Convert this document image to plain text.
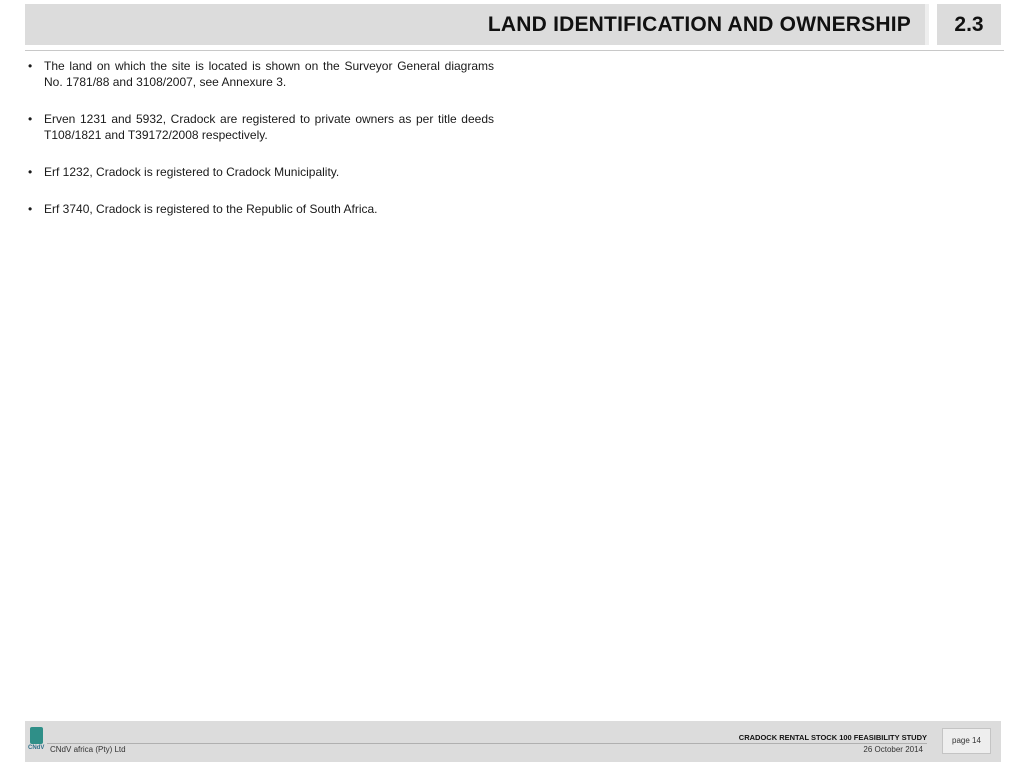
LAND IDENTIFICATION AND OWNERSHIP	2.3
• The land on which the site is located is shown on the Surveyor General diagrams No. 1781/88 and 3108/2007, see Annexure 3.
• Erven 1231 and 5932, Cradock are registered to private owners as per title deeds T108/1821 and T39172/2008 respectively.
• Erf 1232, Cradock is registered to Cradock Municipality.
• Erf 3740, Cradock is registered to the Republic of South Africa.
CNdV CNdV africa (Pty) Ltd
CRADOCK RENTAL STOCK 100 FEASIBILITY STUDY
26 October 2014
page 14
